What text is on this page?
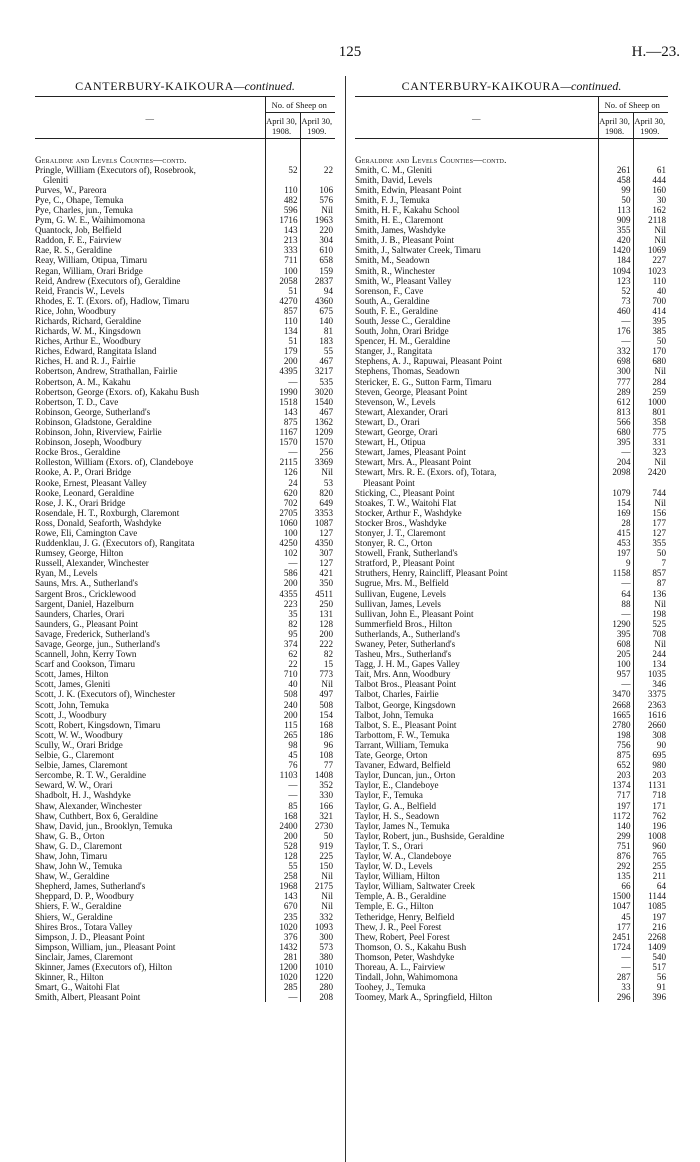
125	H.—23.
CANTERBURY-KAIKOURA—continued.
—	No. of Sheep on	
	April 30, 1908.	April 30, 1909.

Geraldine and Levels Counties—contd.		
Pringle, William (Executors of), Rosebrook,	52	22
Gleniti		
Purves, W., Pareora	110	106
Pye, C., Ohape, Temuka	482	576
Pye, Charles, jun., Temuka	596	Nil
Pym, G. W. E., Waihimomona	1716	1963
Quantock, Job, Belfield	143	220
Raddon, F. E., Fairview	213	304
Rae, R. S., Geraldine	333	610
Reay, William, Otipua, Timaru	711	658
Regan, William, Orari Bridge	100	159
Reid, Andrew (Executors of), Geraldine	2058	2837
Reid, Francis W., Levels	51	94
Rhodes, E. T. (Exors. of), Hadlow, Timaru	4270	4360
Rice, John, Woodbury	857	675
Richards, Richard, Geraldine	110	140
Richards, W. M., Kingsdown	134	81
Riches, Arthur E., Woodbury	51	183
Riches, Edward, Rangitata Island	179	55
Riches, H. and R. J., Fairlie	200	467
Robertson, Andrew, Strathallan, Fairlie	4395	3217
Robertson, A. M., Kakahu	—	535
Robertson, George (Exors. of), Kakahu Bush	1990	3020
Robertson, T. D., Cave	1518	1540
Robinson, George, Sutherland's	143	467
Robinson, Gladstone, Geraldine	875	1362
Robinson, John, Riverview, Fairlie	1167	1209
Robinson, Joseph, Woodbury	1570	1570
Rocke Bros., Geraldine	—	256
Rolleston, William (Exors. of), Clandeboye	2115	3369
Rooke, A. P., Orari Bridge	126	Nil
Rooke, Ernest, Pleasant Valley	24	53
Rooke, Leonard, Geraldine	620	820
Rose, J. K., Orari Bridge	702	649
Rosendale, H. T., Roxburgh, Claremont	2705	3353
Ross, Donald, Seaforth, Washdyke	1060	1087
Rowe, Eli, Camington Cave	100	127
Ruddenklau, J. G. (Executors of), Rangitata	4250	4350
Rumsey, George, Hilton	102	307
Russell, Alexander, Winchester	—	127
Ryan, M., Levels	586	421
Sauns, Mrs. A., Sutherland's	200	350
Sargent Bros., Cricklewood	4355	4511
Sargent, Daniel, Hazelburn	223	250
Saunders, Charles, Orari	35	131
Saunders, G., Pleasant Point	82	128
Savage, Frederick, Sutherland's	95	200
Savage, George, jun., Sutherland's	374	222
Scannell, John, Kerry Town	62	82
Scarf and Cookson, Timaru	22	15
Scott, James, Hilton	710	773
Scott, James, Gleniti	40	Nil
Scott, J. K. (Executors of), Winchester	508	497
Scott, John, Temuka	240	508
Scott, J., Woodbury	200	154
Scott, Robert, Kingsdown, Timaru	115	168
Scott, W. W., Woodbury	265	186
Scully, W., Orari Bridge	98	96
Selbie, G., Claremont	45	108
Selbie, James, Claremont	76	77
Sercombe, R. T. W., Geraldine	1103	1408
Seward, W. W., Orari	—	352
Shadbolt, H. J., Washdyke	—	330
Shaw, Alexander, Winchester	85	166
Shaw, Cuthbert, Box 6, Geraldine	168	321
Shaw, David, jun., Brooklyn, Temuka	2400	2730
Shaw, G. B., Orton	200	50
Shaw, G. D., Claremont	528	919
Shaw, John, Timaru	128	225
Shaw, John W., Temuka	55	150
Shaw, W., Geraldine	258	Nil
Shepherd, James, Sutherland's	1968	2175
Sheppard, D. P., Woodbury	143	Nil
Shiers, F. W., Geraldine	670	Nil
Shiers, W., Geraldine	235	332
Shires Bros., Totara Valley	1020	1093
Simpson, J. D., Pleasant Point	376	300
Simpson, William, jun., Pleasant Point	1432	573
Sinclair, James, Claremont	281	380
Skinner, James (Executors of), Hilton	1200	1010
Skinner, R., Hilton	1020	1220
Smart, G., Waitohi Flat	285	280
Smith, Albert, Pleasant Point	—	208
CANTERBURY-KAIKOURA—continued.
—	No. of Sheep on	
	April 30, 1908.	April 30, 1909.

Geraldine and Levels Counties—contd.		
Smith, C. M., Gleniti	261	61
Smith, David, Levels	458	444
Smith, Edwin, Pleasant Point	99	160
Smith, F. J., Temuka	50	30
Smith, H. F., Kakahu School	113	162
Smith, H. E., Claremont	909	2118
Smith, James, Washdyke	355	Nil
Smith, J. B., Pleasant Point	420	Nil
Smith, J., Saltwater Creek, Timaru	1420	1069
Smith, M., Seadown	184	227
Smith, R., Winchester	1094	1023
Smith, W., Pleasant Valley	123	110
Sorenson, F., Cave	52	40
South, A., Geraldine	73	700
South, F. E., Geraldine	460	414
South, Jesse C., Geraldine	—	395
South, John, Orari Bridge	176	385
Spencer, H. M., Geraldine	—	50
Stanger, J., Rangitata	332	170
Stephens, A. J., Rapuwai, Pleasant Point	698	680
Stephens, Thomas, Seadown	300	Nil
Stericker, E. G., Sutton Farm, Timaru	777	284
Steven, George, Pleasant Point	289	259
Stevenson, W., Levels	612	1000
Stewart, Alexander, Orari	813	801
Stewart, D., Orari	566	358
Stewart, George, Orari	680	775
Stewart, H., Otipua	395	331
Stewart, James, Pleasant Point	—	323
Stewart, Mrs. A., Pleasant Point	204	Nil
Stewart, Mrs. R. E. (Exors. of), Totara,	2098	2420
Pleasant Point		
Sticking, C., Pleasant Point	1079	744
Stoakes, T. W., Waitohi Flat	154	Nil
Stocker, Arthur F., Washdyke	169	156
Stocker Bros., Washdyke	28	177
Stonyer, J. T., Claremont	415	127
Stonyer, R. C., Orton	453	355
Stowell, Frank, Sutherland's	197	50
Stratford, P., Pleasant Point	9	7
Struthers, Henry, Raincliff, Pleasant Point	1158	857
Sugrue, Mrs. M., Belfield	—	87
Sullivan, Eugene, Levels	64	136
Sullivan, James, Levels	88	Nil
Sullivan, John E., Pleasant Point	—	198
Summerfield Bros., Hilton	1290	525
Sutherlands, A., Sutherland's	395	708
Swaney, Peter, Sutherland's	608	Nil
Tasheu, Mrs., Sutherland's	205	244
Tagg, J. H. M., Gapes Valley	100	134
Tait, Mrs. Ann, Woodbury	957	1035
Talbot Bros., Pleasant Point	—	346
Talbot, Charles, Fairlie	3470	3375
Talbot, George, Kingsdown	2668	2363
Talbot, John, Temuka	1665	1616
Talbot, S. E., Pleasant Point	2780	2660
Tarbottom, F. W., Temuka	198	308
Tarrant, William, Temuka	756	90
Tate, George, Orton	875	695
Tavaner, Edward, Belfield	652	980
Taylor, Duncan, jun., Orton	203	203
Taylor, E., Clandeboye	1374	1131
Taylor, F., Temuka	717	718
Taylor, G. A., Belfield	197	171
Taylor, H. S., Seadown	1172	762
Taylor, James N., Temuka	140	196
Taylor, Robert, jun., Bushside, Geraldine	299	1008
Taylor, T. S., Orari	751	960
Taylor, W. A., Clandeboye	876	765
Taylor, W. D., Levels	292	255
Taylor, William, Hilton	135	211
Taylor, William, Saltwater Creek	66	64
Temple, A. B., Geraldine	1500	1144
Temple, E. G., Hilton	1047	1085
Tetheridge, Henry, Belfield	45	197
Thew, J. R., Peel Forest	177	216
Thew, Robert, Peel Forest	2451	2268
Thomson, O. S., Kakahu Bush	1724	1409
Thomson, Peter, Washdyke	—	540
Thoreau, A. L., Fairview	—	517
Tindall, John, Wahimomona	287	56
Toohey, J., Temuka	33	91
Toomey, Mark A., Springfield, Hilton	296	396
